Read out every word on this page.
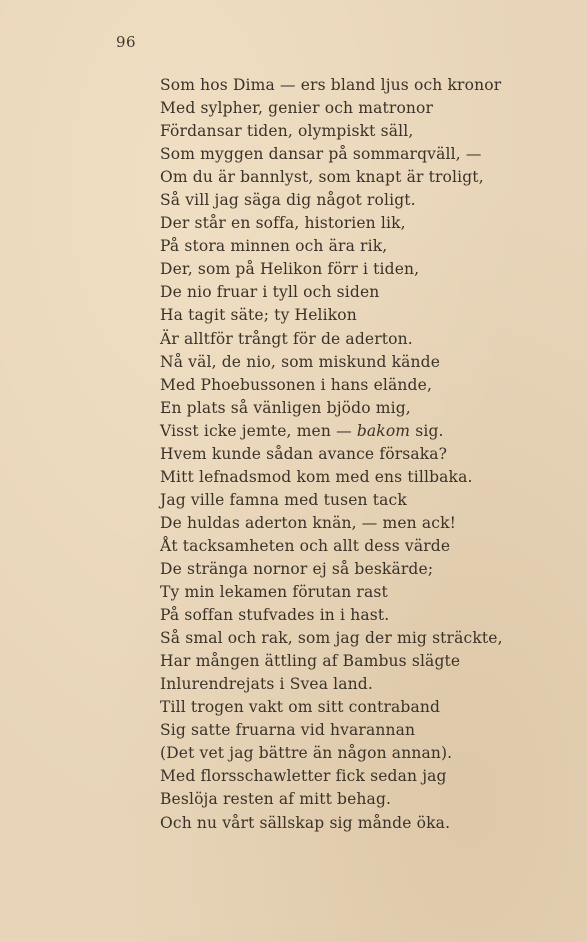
96
Som hos Dima — ers bland ljus och kronor
Med sylpher, genier och matronor
Fördansar tiden, olympiskt säll,
Som myggen dansar på sommarqväll, —
Om du är bannlyst, som knapt är troligt,
Så vill jag säga dig något roligt.
Der står en soffa, historien lik,
På stora minnen och ära rik,
Der, som på Helikon förr i tiden,
De nio fruar i tyll och siden
Ha tagit säte; ty Helikon
Är alltför trångt för de aderton.
Nå väl, de nio, som miskund kände
Med Phoebussonen i hans elände,
En plats så vänligen bjödo mig,
Visst icke jemte, men — bakom sig.
Hvem kunde sådan avance försaka?
Mitt lefnadsmod kom med ens tillbaka.
Jag ville famna med tusen tack
De huldas aderton knän, — men ack!
Åt tacksamheten och allt dess värde
De stränga nornor ej så beskärde;
Ty min lekamen förutan rast
På soffan stufvades in i hast.
Så smal och rak, som jag der mig sträckte,
Har mången ättling af Bambus slägte
Inlurendrejats i Svea land.
Till trogen vakt om sitt contraband
Sig satte fruarna vid hvarannan
(Det vet jag bättre än någon annan).
Med florsschawletter fick sedan jag
Beslöja resten af mitt behag.
Och nu vårt sällskap sig månde öka.
